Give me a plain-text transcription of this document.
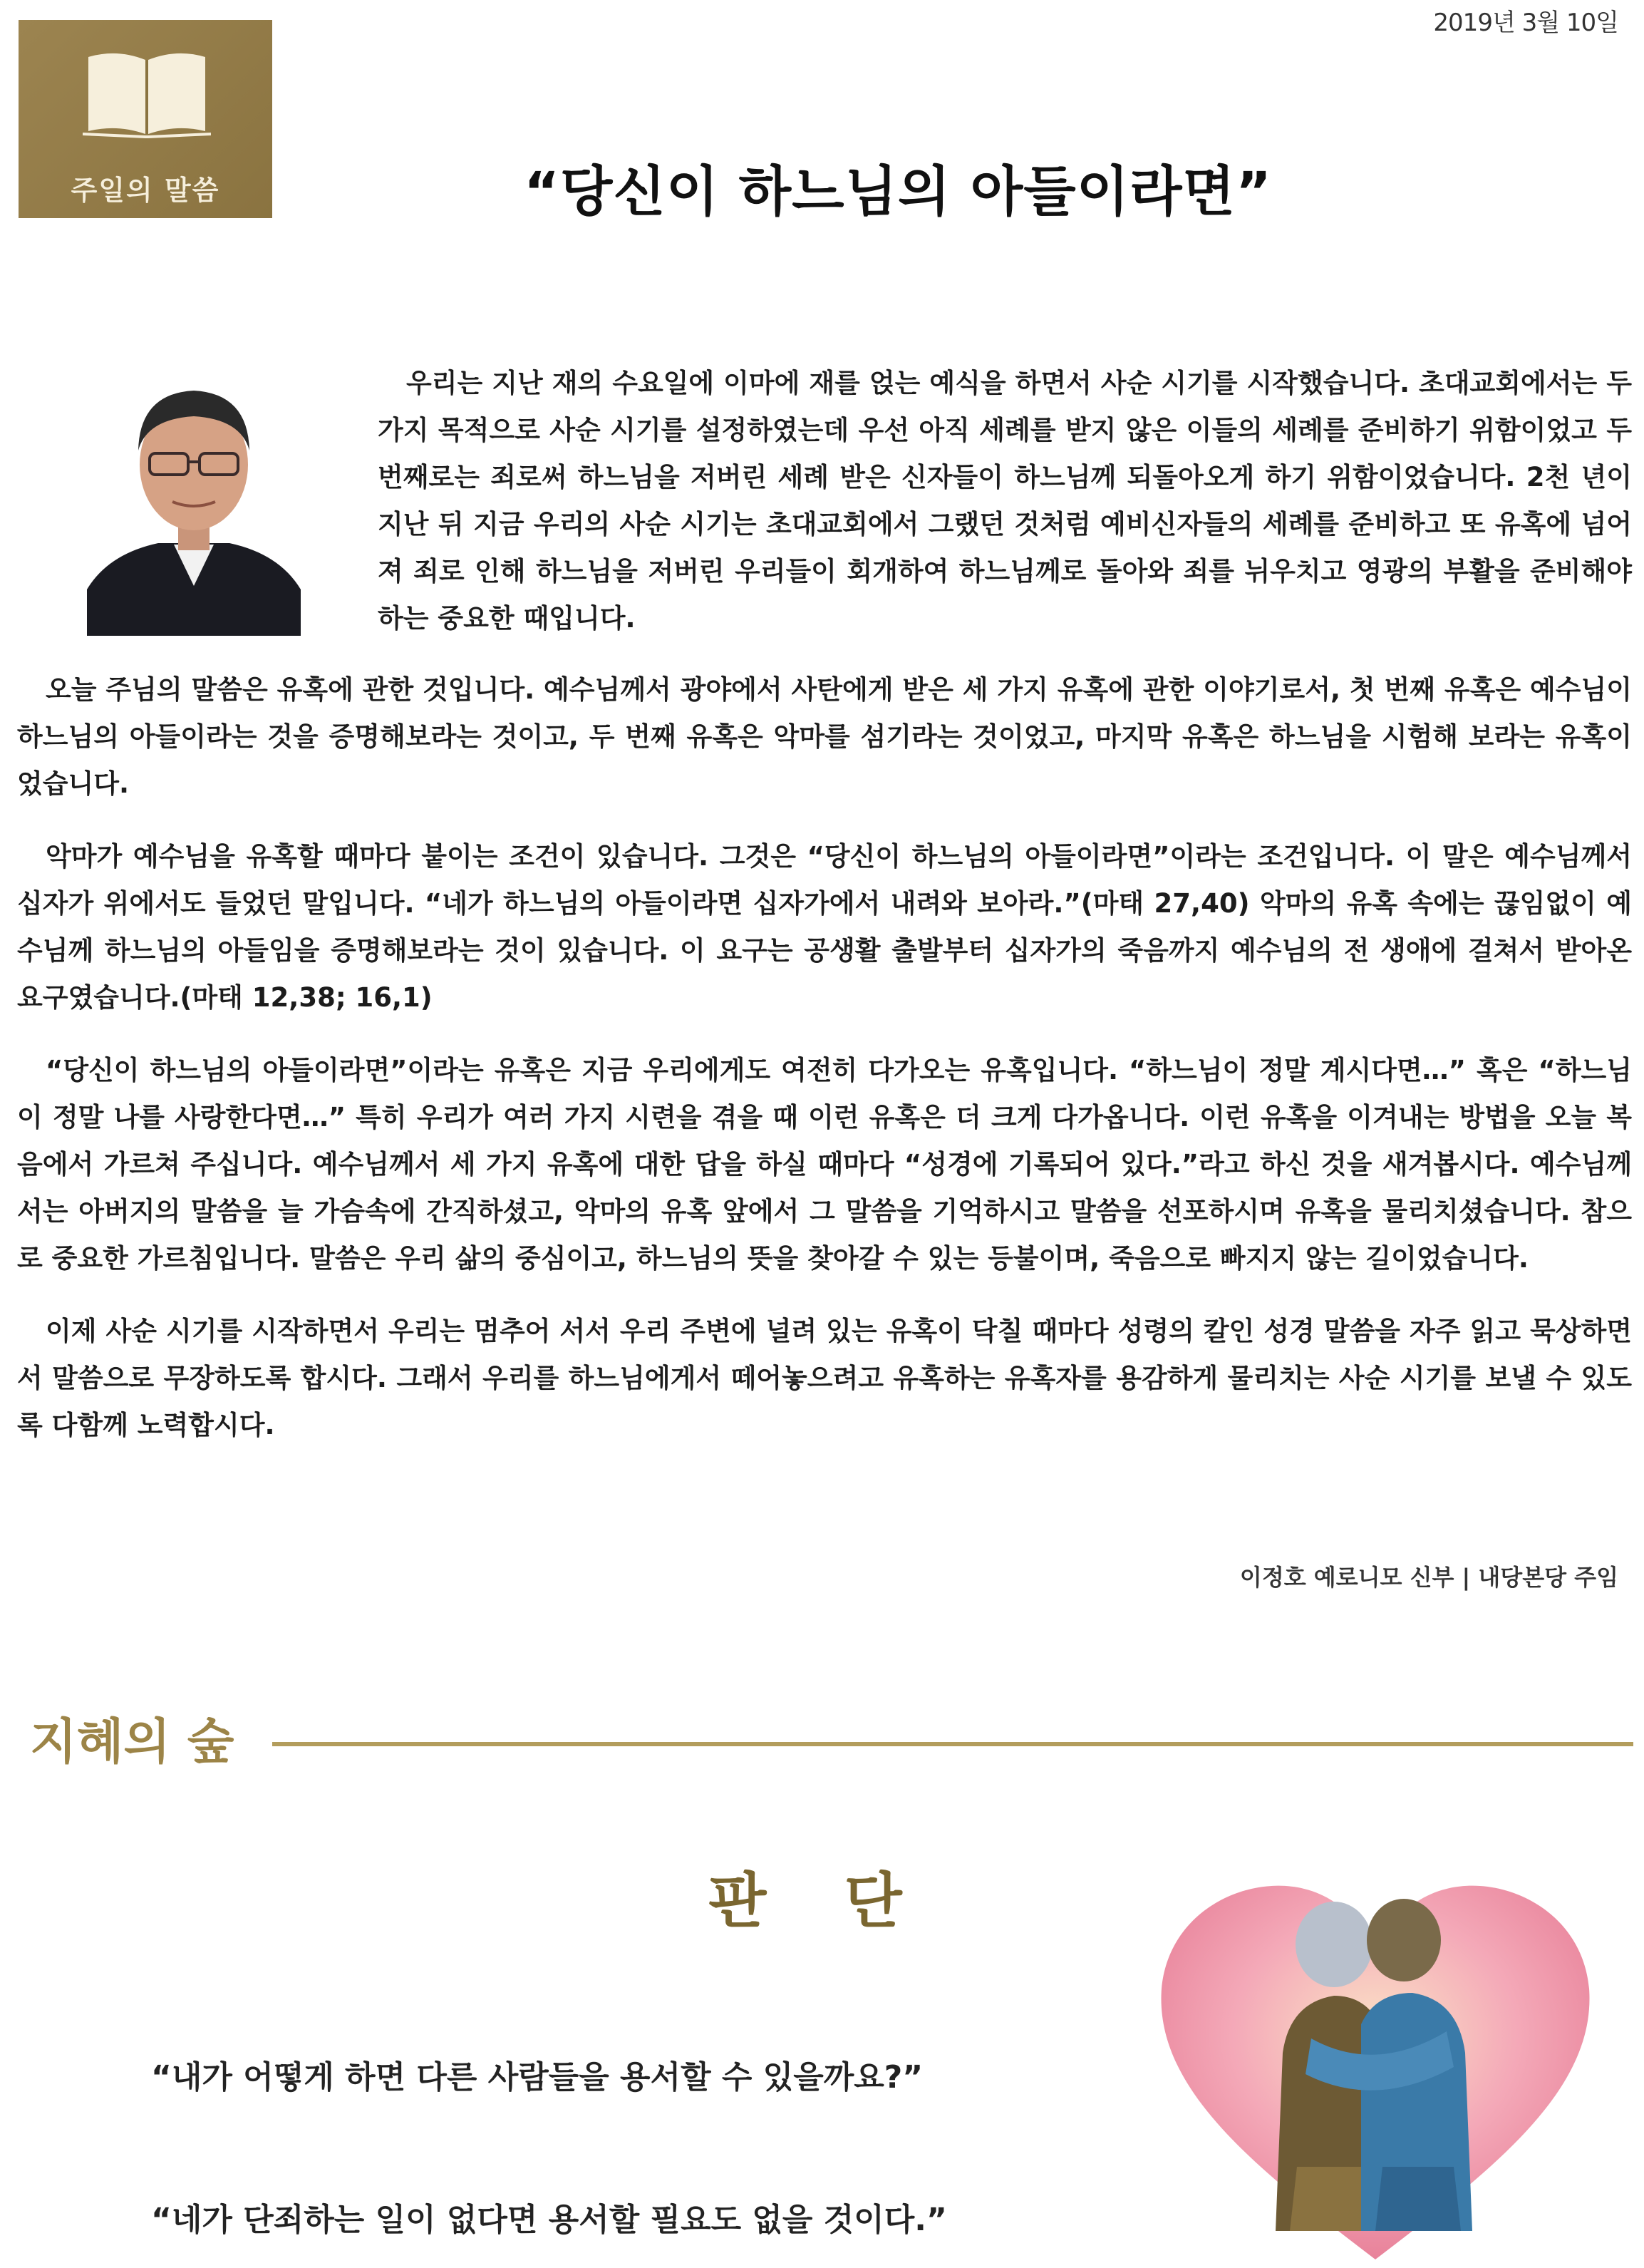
2019년 3월 10일
주일의 말씀	“당신이 하느님의 아들이라면”

우리는 지난 재의 수요일에 이마에 재를 얹는 예식을 하면서 사순 시기를 시작했습니다. 초대교회에서는 두 가지 목적으로 사순 시기를 설정하였는데 우선 아직 세례를 받지 않은 이들의 세례를 준비하기 위함이었고 두 번째로는 죄로써 하느님을 저버린 세례 받은 신자들이 하느님께 되돌아오게 하기 위함이었습니다. 2천 년이 지난 뒤 지금 우리의 사순 시기는 초대교회에서 그랬던 것처럼 예비신자들의 세례를 준비하고 또 유혹에 넘어져 죄로 인해 하느님을 저버린 우리들이 회개하여 하느님께로 돌아와 죄를 뉘우치고 영광의 부활을 준비해야 하는 중요한 때입니다.

오늘 주님의 말씀은 유혹에 관한 것입니다. 예수님께서 광야에서 사탄에게 받은 세 가지 유혹에 관한 이야기로서, 첫 번째 유혹은 예수님이 하느님의 아들이라는 것을 증명해보라는 것이고, 두 번째 유혹은 악마를 섬기라는 것이었고, 마지막 유혹은 하느님을 시험해 보라는 유혹이었습니다.

악마가 예수님을 유혹할 때마다 붙이는 조건이 있습니다. 그것은 “당신이 하느님의 아들이라면”이라는 조건입니다. 이 말은 예수님께서 십자가 위에서도 들었던 말입니다. “네가 하느님의 아들이라면 십자가에서 내려와 보아라.”(마태 27,40) 악마의 유혹 속에는 끊임없이 예수님께 하느님의 아들임을 증명해보라는 것이 있습니다. 이 요구는 공생활 출발부터 십자가의 죽음까지 예수님의 전 생애에 걸쳐서 받아온 요구였습니다.(마태 12,38; 16,1)

“당신이 하느님의 아들이라면”이라는 유혹은 지금 우리에게도 여전히 다가오는 유혹입니다. “하느님이 정말 계시다면…” 혹은 “하느님이 정말 나를 사랑한다면…” 특히 우리가 여러 가지 시련을 겪을 때 이런 유혹은 더 크게 다가옵니다. 이런 유혹을 이겨내는 방법을 오늘 복음에서 가르쳐 주십니다. 예수님께서 세 가지 유혹에 대한 답을 하실 때마다 “성경에 기록되어 있다.”라고 하신 것을 새겨봅시다. 예수님께서는 아버지의 말씀을 늘 가슴속에 간직하셨고, 악마의 유혹 앞에서 그 말씀을 기억하시고 말씀을 선포하시며 유혹을 물리치셨습니다. 참으로 중요한 가르침입니다. 말씀은 우리 삶의 중심이고, 하느님의 뜻을 찾아갈 수 있는 등불이며, 죽음으로 빠지지 않는 길이었습니다.

이제 사순 시기를 시작하면서 우리는 멈추어 서서 우리 주변에 널려 있는 유혹이 닥칠 때마다 성령의 칼인 성경 말씀을 자주 읽고 묵상하면서 말씀으로 무장하도록 합시다. 그래서 우리를 하느님에게서 떼어놓으려고 유혹하는 유혹자를 용감하게 물리치는 사순 시기를 보낼 수 있도록 다함께 노력합시다.

이정호 예로니모 신부 | 내당본당 주임
지혜의 숲
판 단
“내가 어떻게 하면 다른 사람들을 용서할 수 있을까요?”
“네가 단죄하는 일이 없다면 용서할 필요도 없을 것이다.”
